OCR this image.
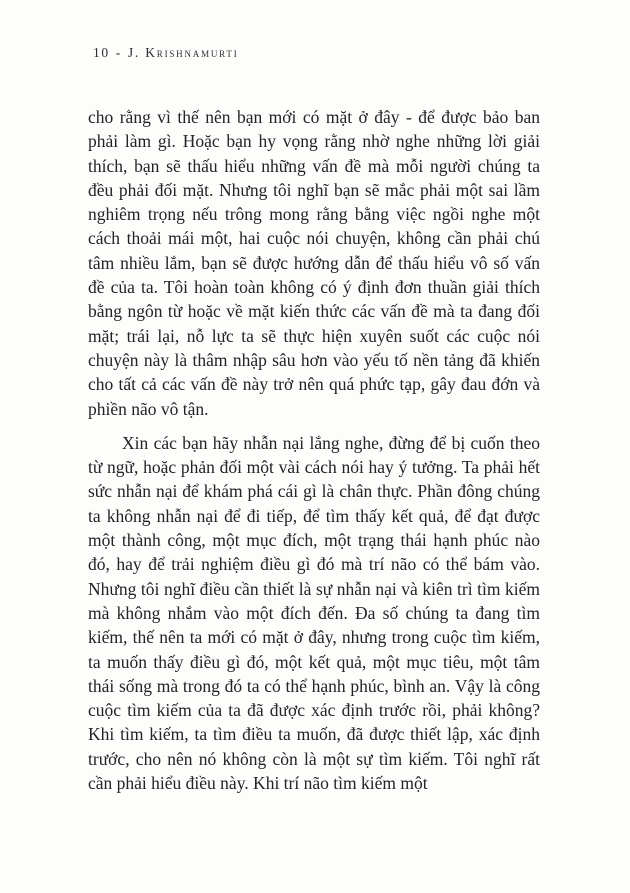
10 - J. Krishnamurti

cho rằng vì thế nên bạn mới có mặt ở đây - để được bảo ban phải làm gì. Hoặc bạn hy vọng rằng nhờ nghe những lời giải thích, bạn sẽ thấu hiểu những vấn đề mà mỗi người chúng ta đều phải đối mặt. Nhưng tôi nghĩ bạn sẽ mắc phải một sai lầm nghiêm trọng nếu trông mong rằng bằng việc ngồi nghe một cách thoải mái một, hai cuộc nói chuyện, không cần phải chú tâm nhiều lắm, bạn sẽ được hướng dẫn để thấu hiểu vô số vấn đề của ta. Tôi hoàn toàn không có ý định đơn thuần giải thích bằng ngôn từ hoặc về mặt kiến thức các vấn đề mà ta đang đối mặt; trái lại, nỗ lực ta sẽ thực hiện xuyên suốt các cuộc nói chuyện này là thâm nhập sâu hơn vào yếu tố nền tảng đã khiến cho tất cả các vấn đề này trở nên quá phức tạp, gây đau đớn và phiền não vô tận.

Xin các bạn hãy nhẫn nại lắng nghe, đừng để bị cuốn theo từ ngữ, hoặc phản đối một vài cách nói hay ý tưởng. Ta phải hết sức nhẫn nại để khám phá cái gì là chân thực. Phần đông chúng ta không nhẫn nại để đi tiếp, để tìm thấy kết quả, để đạt được một thành công, một mục đích, một trạng thái hạnh phúc nào đó, hay để trải nghiệm điều gì đó mà trí não có thể bám vào. Nhưng tôi nghĩ điều cần thiết là sự nhẫn nại và kiên trì tìm kiếm mà không nhắm vào một đích đến. Đa số chúng ta đang tìm kiếm, thế nên ta mới có mặt ở đây, nhưng trong cuộc tìm kiếm, ta muốn thấy điều gì đó, một kết quả, một mục tiêu, một tâm thái sống mà trong đó ta có thể hạnh phúc, bình an. Vậy là công cuộc tìm kiếm của ta đã được xác định trước rồi, phải không? Khi tìm kiếm, ta tìm điều ta muốn, đã được thiết lập, xác định trước, cho nên nó không còn là một sự tìm kiếm. Tôi nghĩ rất cần phải hiểu điều này. Khi trí não tìm kiếm một
